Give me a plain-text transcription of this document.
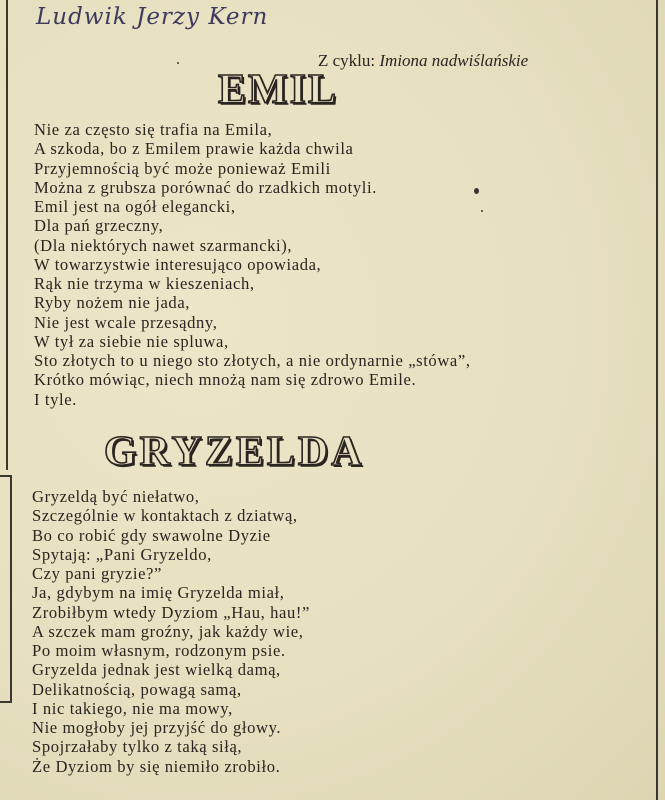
Ludwik Jerzy Kern
Z cyklu: Imiona nadwiślańskie
EMIL
Nie za często się trafia na Emila,
A szkoda, bo z Emilem prawie każda chwila
Przyjemnością być może ponieważ Emili
Można z grubsza porównać do rzadkich motyli.
Emil jest na ogół elegancki,
Dla pań grzeczny,
(Dla niektórych nawet szarmancki),
W towarzystwie interesująco opowiada,
Rąk nie trzyma w kieszeniach,
Ryby nożem nie jada,
Nie jest wcale przesądny,
W tył za siebie nie spluwa,
Sto złotych to u niego sto złotych, a nie ordynarnie „stówa”,
Krótko mówiąc, niech mnożą nam się zdrowo Emile.
I tyle.
GRYZELDA
Gryzeldą być niełatwo,
Szczególnie w kontaktach z dziatwą,
Bo co robić gdy swawolne Dyzie
Spytają: „Pani Gryzeldo,
Czy pani gryzie?”
Ja, gdybym na imię Gryzelda miał,
Zrobiłbym wtedy Dyziom „Hau, hau!”
A szczek mam groźny, jak każdy wie,
Po moim własnym, rodzonym psie.
Gryzelda jednak jest wielką damą,
Delikatnością, powagą samą,
I nic takiego, nie ma mowy,
Nie mogłoby jej przyjść do głowy.
Spojrzałaby tylko z taką siłą,
Że Dyziom by się niemiło zrobiło.
